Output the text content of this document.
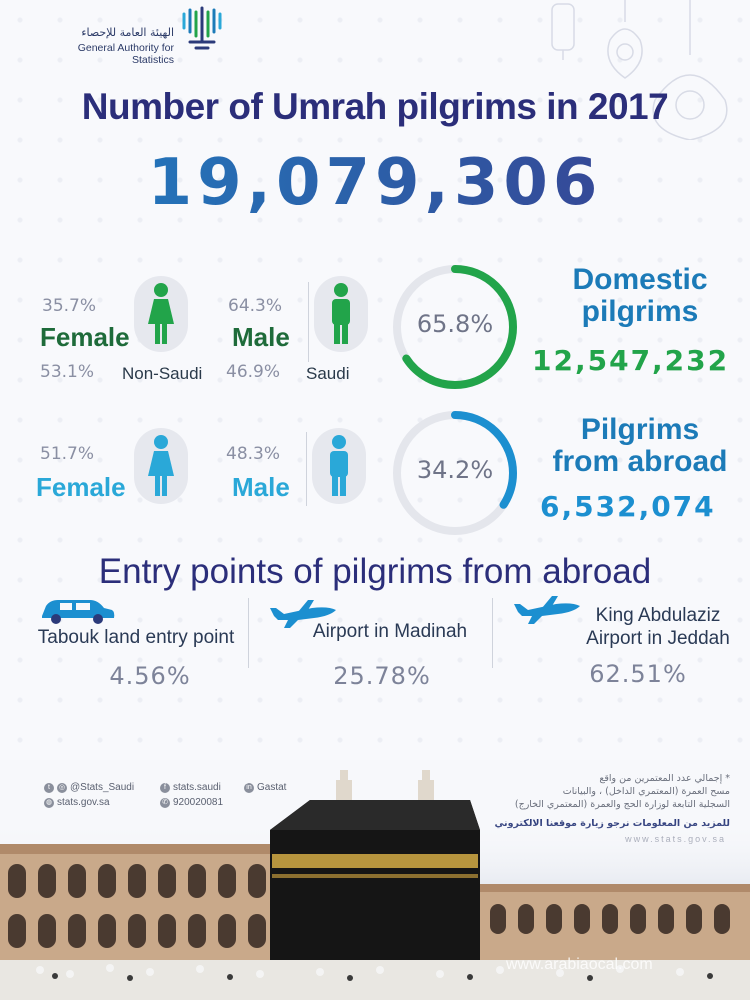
الهيئة العامة للإحصاء
General Authority for Statistics
Number of Umrah pilgrims in 2017
19,079,306
35.7%
Female
64.3%
Male
53.1% Non-Saudi 46.9% Saudi
65.8%
Domestic
pilgrims
12,547,232
51.7%
Female
48.3%
Male
34.2%
Pilgrims
from abroad
6,532,074
Entry points of pilgrims from abroad
Tabouk land entry point
4.56%
Airport in Madinah
25.78%
King Abdulaziz
Airport in Jeddah
62.51%
t	◎ @Stats_Saudi	f stats.saudi	in Gastat
◍ stats.gov.sa	✆ 920020081
* إجمالي عدد المعتمرين من واقع
مسح العمرة (المعتمري الداخل) ، والبيانات
السجلية التابعة لوزارة الحج والعمرة (المعتمري الخارج)
www.arabiaocal.com
